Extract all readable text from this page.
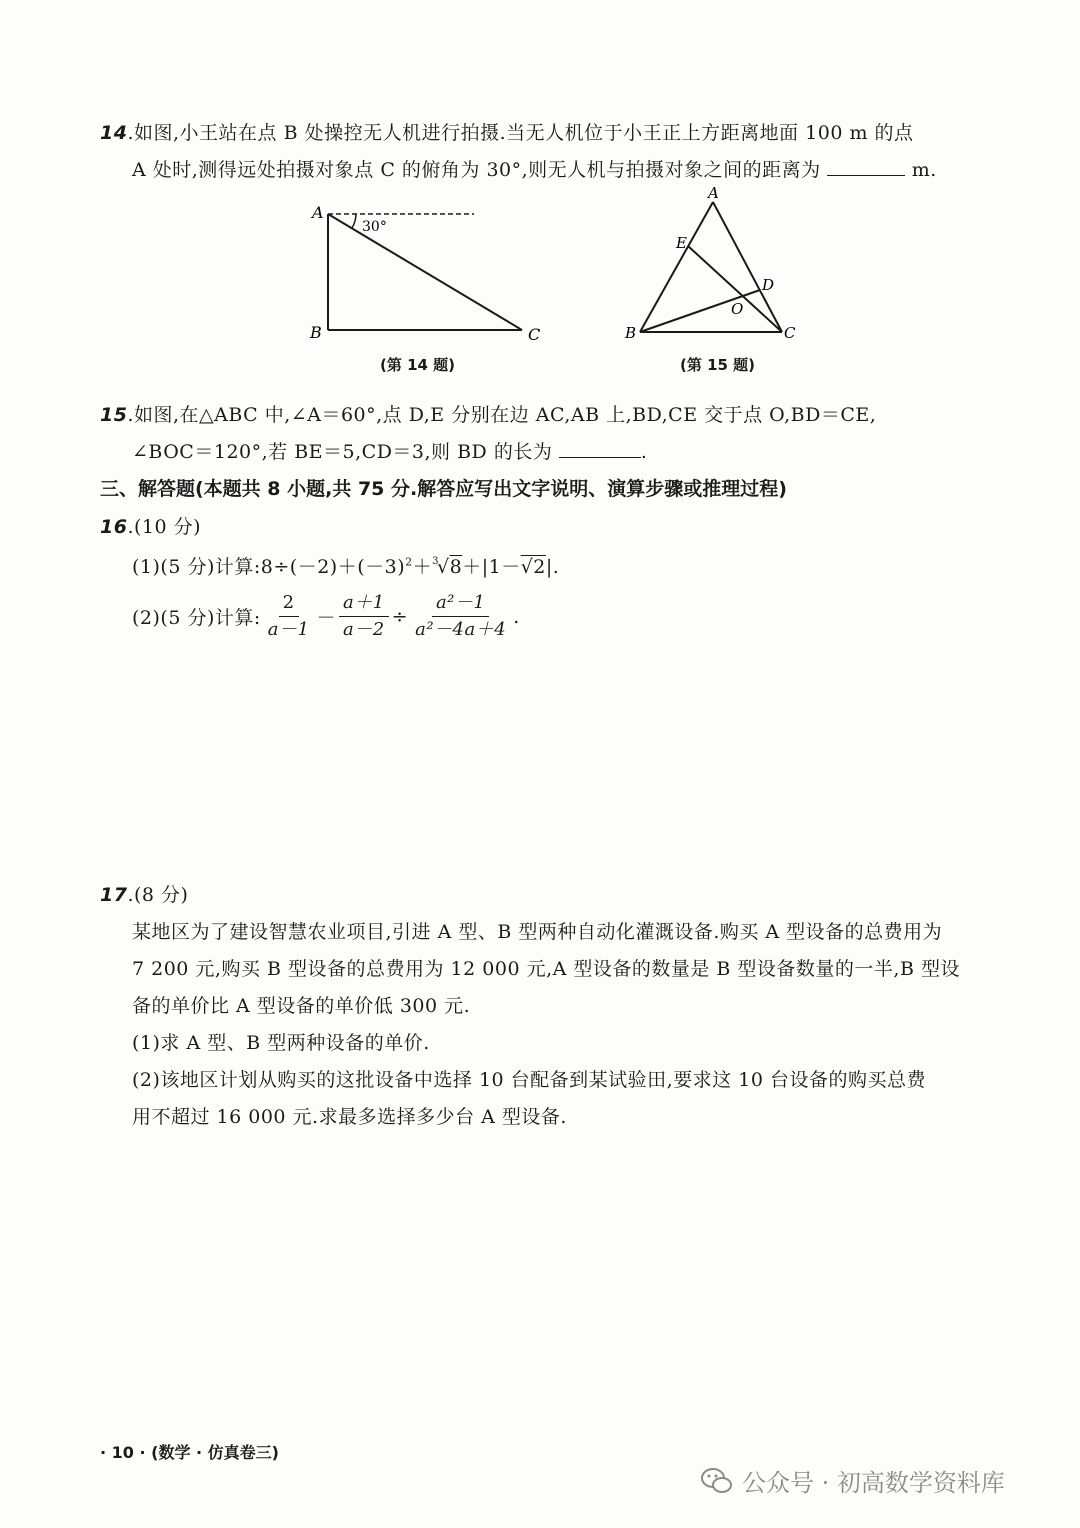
14.如图,小王站在点 B 处操控无人机进行拍摄.当无人机位于小王正上方距离地面 100 m 的点
A 处时,测得远处拍摄对象点 C 的俯角为 30°,则无人机与拍摄对象之间的距离为	m.
A
B	C
30°
(第 14 题)
A
E
D
O
B	C
(第 15 题)
15.如图,在△ABC 中,∠A＝60°,点 D,E 分别在边 AC,AB 上,BD,CE 交于点 O,BD＝CE,
∠BOC＝120°,若 BE＝5,CD＝3,则 BD 的长为	.
三、解答题(本题共 8 小题,共 75 分.解答应写出文字说明、演算步骤或推理过程)
16.(10 分)
(1)(5 分)计算$:8\div(-2)+(-3)^2+^3√8+|1-√2|$.
(2)(5 分)计算: $\frac{2}{a-1} - \frac{a+1}{a-2} \div \frac{\text{a²－1}}{\text{a²－4a＋4}}$ .
17.(8 分)
某地区为了建设智慧农业项目,引进 A 型、B 型两种自动化灌溉设备.购买 A 型设备的总费用为
7 200 元,购买 B 型设备的总费用为 12 000 元,A 型设备的数量是 B 型设备数量的一半,B 型设
备的单价比 A 型设备的单价低 300 元.
(1)求 A 型、B 型两种设备的单价.
(2)该地区计划从购买的这批设备中选择 10 台配备到某试验田,要求这 10 台设备的购买总费
用不超过 16 000 元.求最多选择多少台 A 型设备.
· 10 · (数学 · 仿真卷三)
公众号 · 初高数学资料库
